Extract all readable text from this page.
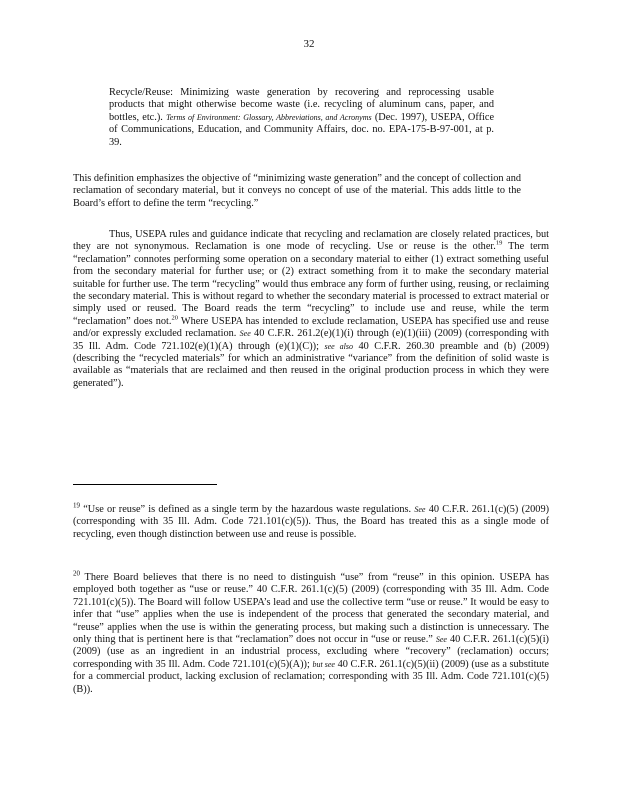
32

Recycle/Reuse: Minimizing waste generation by recovering and reprocessing usable products that might otherwise become waste (i.e. recycling of aluminum cans, paper, and bottles, etc.). Terms of Environment: Glossary, Abbreviations, and Acronyms (Dec. 1997), USEPA, Office of Communications, Education, and Community Affairs, doc. no. EPA-175-B-97-001, at p. 39.

This definition emphasizes the objective of “minimizing waste generation” and the concept of collection and reclamation of secondary material, but it conveys no concept of use of the material. This adds little to the Board’s effort to define the term “recycling.”

Thus, USEPA rules and guidance indicate that recycling and reclamation are closely related practices, but they are not synonymous. Reclamation is one mode of recycling. Use or reuse is the other.$^{19}$ The term “reclamation” connotes performing some operation on a secondary material to either (1) extract something useful from the secondary material for further use; or (2) extract something from it to make the secondary material suitable for further use. The term “recycling” would thus embrace any form of further using, reusing, or reclaiming the secondary material. This is without regard to whether the secondary material is processed to extract material or simply used or reused. The Board reads the term “recycling” to include use and reuse, while the term “reclamation” does not.$^{20}$ Where USEPA has intended to exclude reclamation, USEPA has specified use and reuse and/or expressly excluded reclamation. See 40 C.F.R. 261.2(e)(1)(i) through (e)(1)(iii) (2009) (corresponding with 35 Ill. Adm. Code 721.102(e)(1)(A) through (e)(1)(C)); see also 40 C.F.R. 260.30 preamble and (b) (2009) (describing the “recycled materials” for which an administrative “variance” from the definition of solid waste is available as “materials that are reclaimed and then reused in the original production process in which they were generated”).

$^{19}$ “Use or reuse” is defined as a single term by the hazardous waste regulations. See 40 C.F.R. 261.1(c)(5) (2009) (corresponding with 35 Ill. Adm. Code 721.101(c)(5)). Thus, the Board has treated this as a single mode of recycling, even though distinction between use and reuse is possible.

$^{20}$ There Board believes that there is no need to distinguish “use” from “reuse” in this opinion. USEPA has employed both together as “use or reuse.” 40 C.F.R. 261.1(c)(5) (2009) (corresponding with 35 Ill. Adm. Code 721.101(c)(5)). The Board will follow USEPA’s lead and use the collective term “use or reuse.” It would be easy to infer that “use” applies when the use is independent of the process that generated the secondary material, and “reuse” applies when the use is within the generating process, but making such a distinction is unnecessary. The only thing that is pertinent here is that “reclamation” does not occur in “use or reuse.” See 40 C.F.R. 261.1(c)(5)(i) (2009) (use as an ingredient in an industrial process, excluding where “recovery” (reclamation) occurs; corresponding with 35 Ill. Adm. Code 721.101(c)(5)(A)); but see 40 C.F.R. 261.1(c)(5)(ii) (2009) (use as a substitute for a commercial product, lacking exclusion of reclamation; corresponding with 35 Ill. Adm. Code 721.101(c)(5)(B)).
